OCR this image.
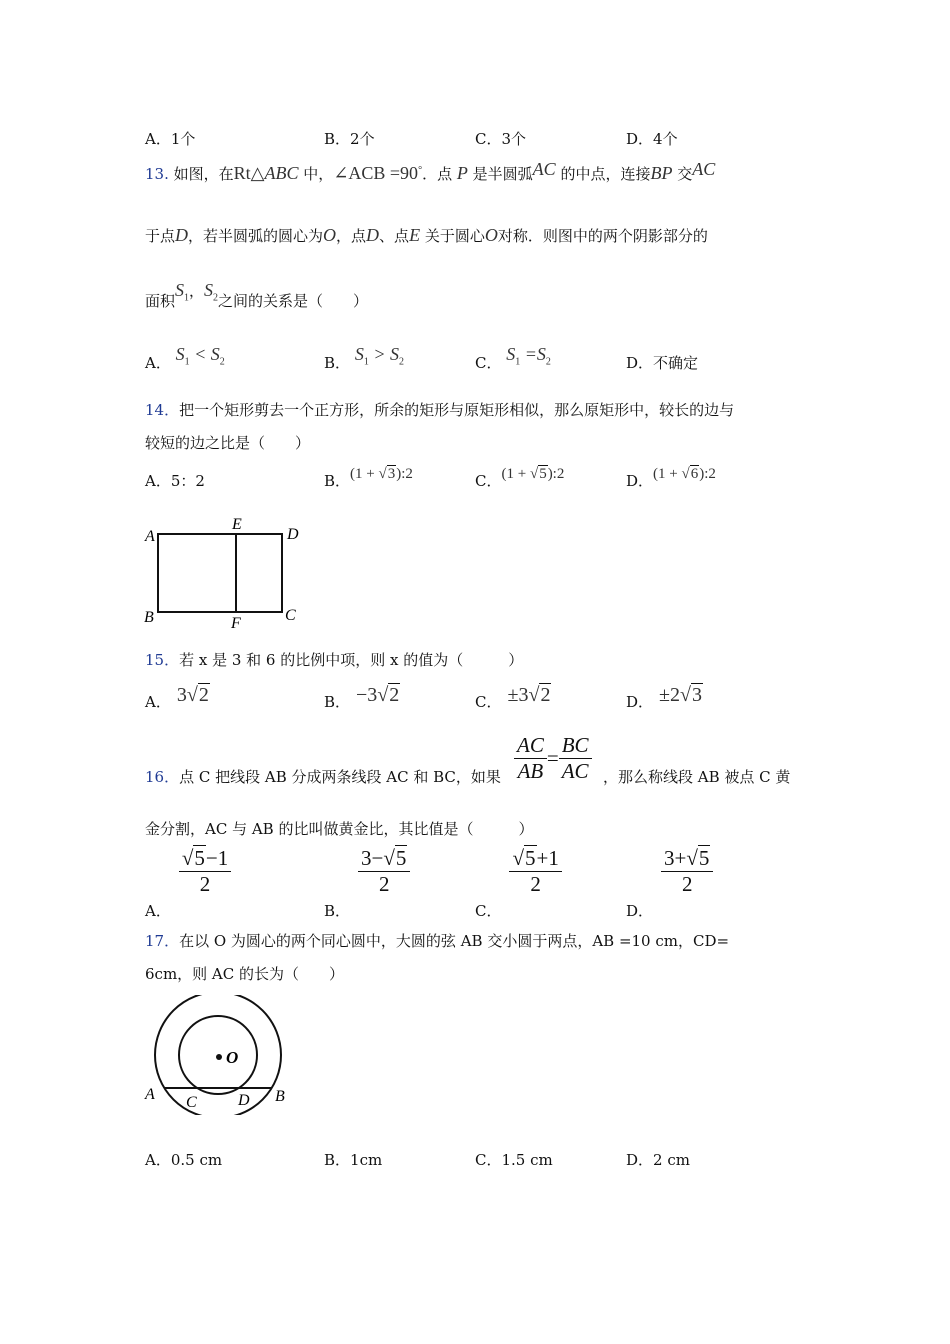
A．1个	B．2个	C．3个	D．4个
13. 如图，在Rt△ABC 中，∠ACB =90°．点 P 是半圆弧AC 的中点，连接BP 交AC
于点D，若半圆弧的圆心为O，点D、点E 关于圆心O对称．则图中的两个阴影部分的
面积$S_1$，$S_2$之间的关系是（　　）
A． $S_1 < S_2$	B． $S_1 > S_2$	C． $S_1 =S_2$	D．不确定
14．把一个矩形剪去一个正方形，所余的矩形与原矩形相似，那么原矩形中，较长的边与
较短的边之比是（　　）
A．5：2	B．(1 + √3):2	C．(1 + √5):2	D．(1 + √6):2
A
E
D
B	F	C
15．若 x 是 3 和 6 的比例中项，则 x 的值为（　　　）
A． 3√2	B． −3√2	C． ±3√2	D． ±2√3
16．点 C 把线段 AB 分成两条线段 AC 和 BC，如果 $\frac{AC}{AB} = \frac{BC}{AC}$ ，那么称线段 AB 被点 C 黄
金分割，AC 与 AB 的比叫做黄金比，其比值是（　　　）
A．
$\frac{√5-1}{2}$
B．
$\frac{3-√5}{2}$
C．
$\frac{√5+1}{2}$
D．
$\frac{3+√5}{2}$
17．在以 O 为圆心的两个同心圆中，大圆的弦 AB 交小圆于两点，AB =10 cm，CD=
6cm，则 AC 的长为（　　）
O
A C	D B
A．0.5 cm	B．1cm	C．1.5 cm	D．2 cm
